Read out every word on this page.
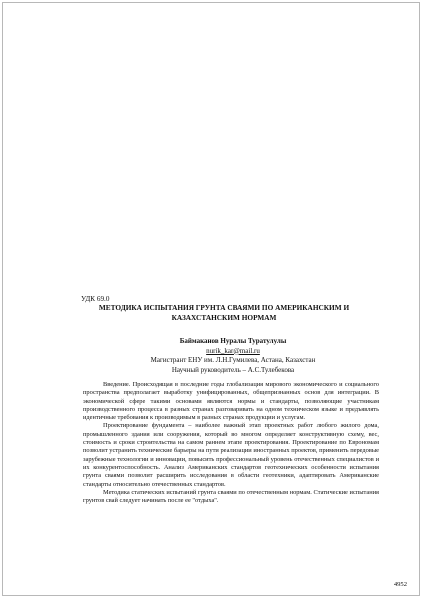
УДК 69.0
МЕТОДИКА ИСПЫТАНИЯ ГРУНТА СВАЯМИ ПО АМЕРИКАНСКИМ И
КАЗАХСТАНСКИМ НОРМАМ
Баймаканов Нуралы Туратулулы
nurik_kar@mail.ru
Магистрант ЕНУ им. Л.Н.Гумилева, Астана, Казахстан
Научный руководитель – А.С.Тулебекова

Введение. Происходящая в последние годы глобализация мирового экономического и социального пространства предполагает выработку унифицированных, общепризнанных основ для интеграции. В экономической сфере такими основами являются нормы и стандарты, позволяющие участникам производственного процесса в разных странах разговаривать на одном техническом языке и предъявлять идентичные требования к производимым в разных странах продукции и услугам.

Проектирование фундамента – наиболее важный этап проектных работ любого жилого дома, промышленного здания или сооружения, который во многом определяет конструктивную схему, вес, стоимость и сроки строительства на самом раннем этапе проектирования. Проектирование по Еврономам позволит устранить технические барьеры на пути реализации иностранных проектов, применить передовые зарубежные технологии и инновации, повысить профессиональный уровень отечественных специалистов и их конкурентоспособность. Анализ Американских стандартов геотехнических особенности испытания грунта сваями позволит расширить исследования в области геотехники, адаптировать Американские стандарты относительно отечественных стандартов.

Методика статических испытаний грунта сваями по отечественным нормам. Статические испытания грунтов свай следует начинать после ее "отдыха".

4952
